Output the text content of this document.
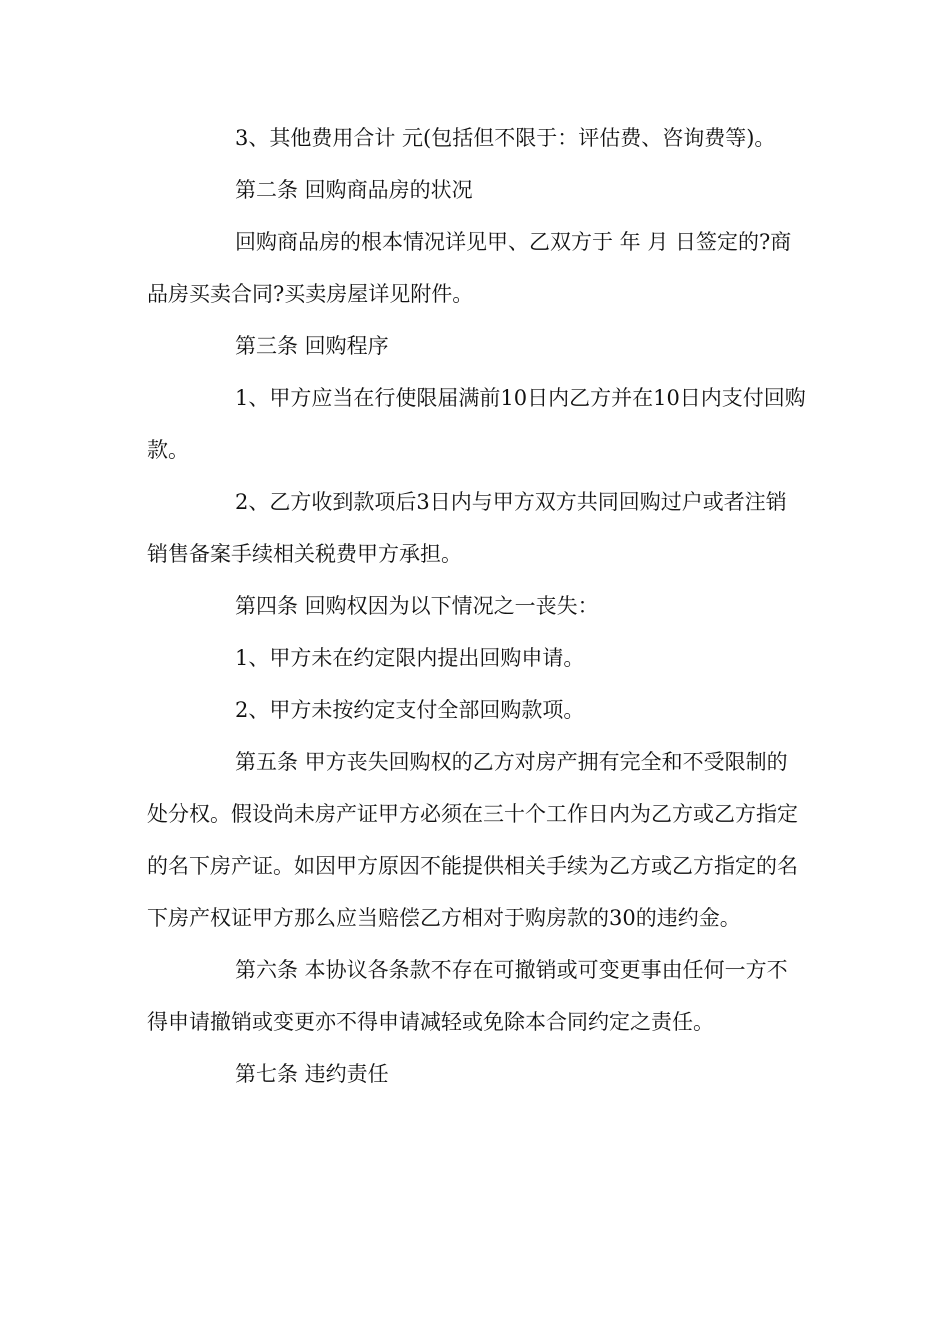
3、其他费用合计 元(包括但不限于：评估费、咨询费等)。

第二条 回购商品房的状况

回购商品房的根本情况详见甲、乙双方于 年 月 日签定的?商品房买卖合同?买卖房屋详见附件。

第三条 回购程序

1、甲方应当在行使限届满前10日内乙方并在10日内支付回购款。

2、乙方收到款项后3日内与甲方双方共同回购过户或者注销销售备案手续相关税费甲方承担。

第四条 回购权因为以下情况之一丧失：

1、甲方未在约定限内提出回购申请。

2、甲方未按约定支付全部回购款项。

第五条 甲方丧失回购权的乙方对房产拥有完全和不受限制的处分权。假设尚未房产证甲方必须在三十个工作日内为乙方或乙方指定的名下房产证。如因甲方原因不能提供相关手续为乙方或乙方指定的名下房产权证甲方那么应当赔偿乙方相对于购房款的30的违约金。

第六条 本协议各条款不存在可撤销或可变更事由任何一方不得申请撤销或变更亦不得申请减轻或免除本合同约定之责任。

第七条 违约责任
